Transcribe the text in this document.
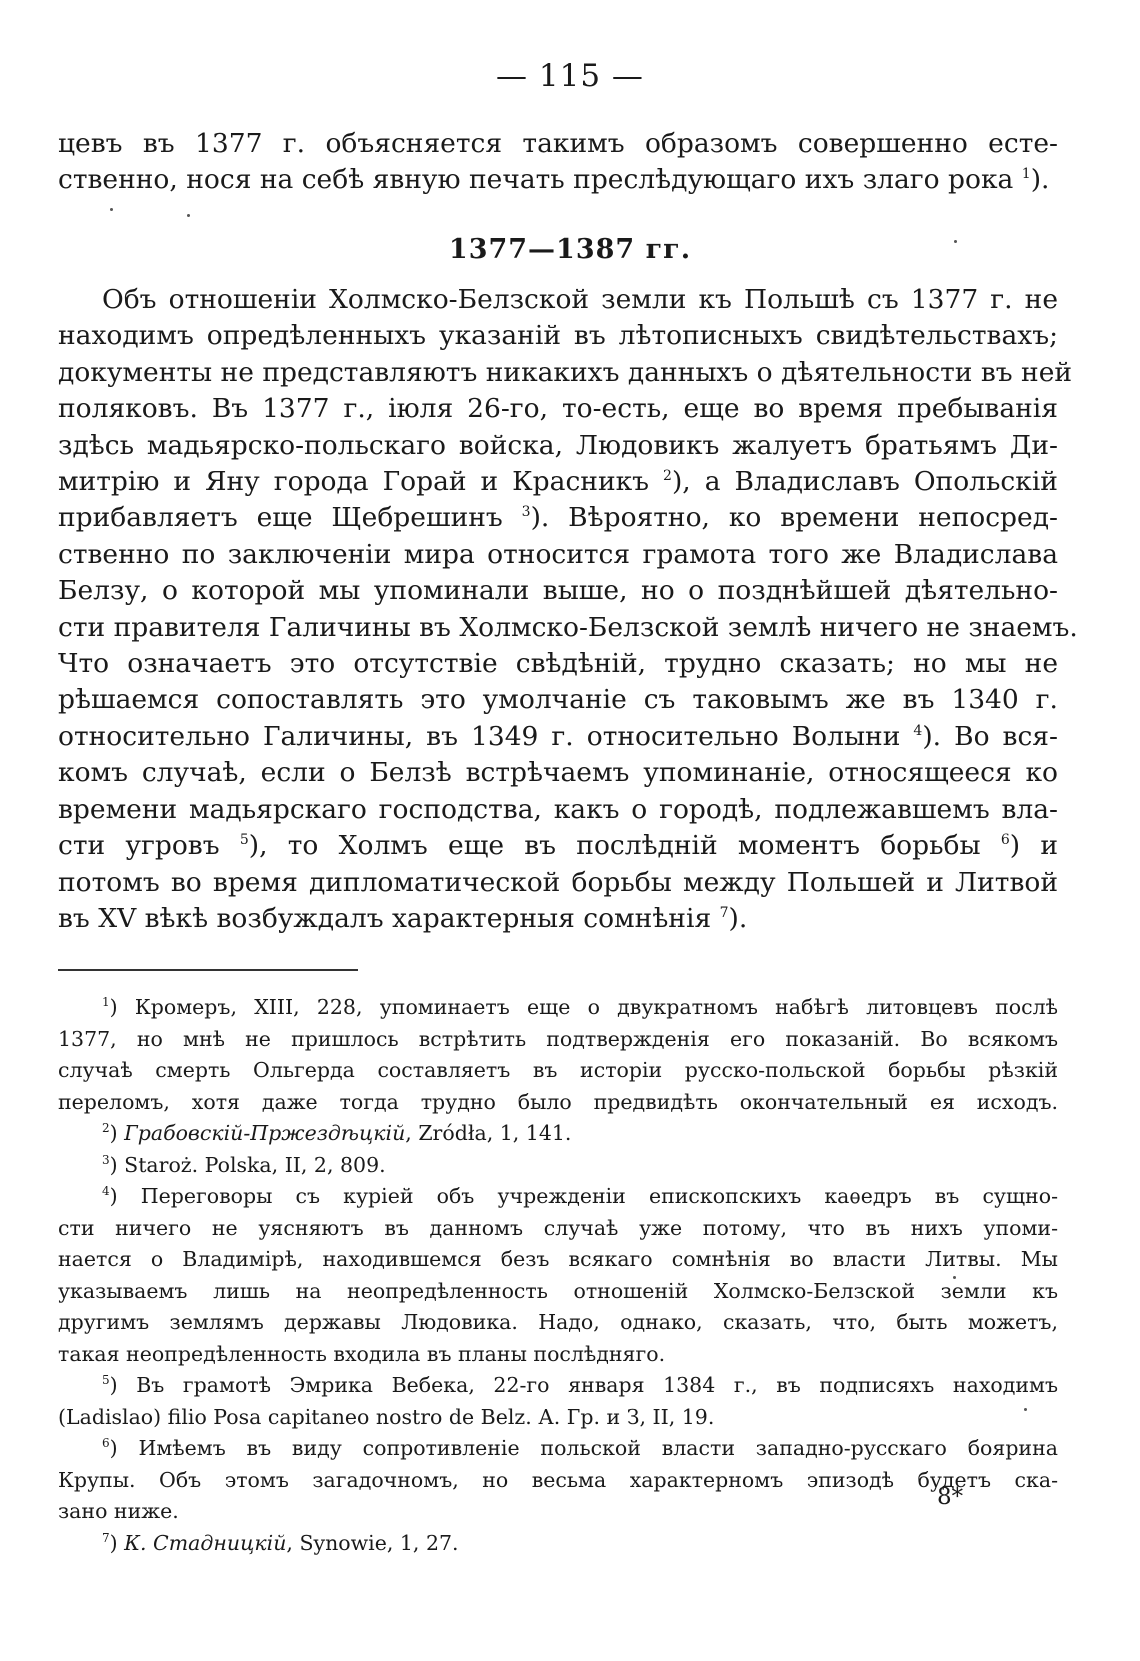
— 115 —
цевъ въ 1377 г. объясняется такимъ образомъ совершенно есте-
ственно, нося на себѣ явную печать преслѣдующаго ихъ злаго рока $^1$).
1377—1387 гг.
Объ отношеніи Холмско-Белзской земли къ Польшѣ съ 1377 г. не
находимъ опредѣленныхъ указаній въ лѣтописныхъ свидѣтельствахъ;
документы не представляютъ никакихъ данныхъ о дѣятельности въ ней
поляковъ. Въ 1377 г., іюля 26-го, то-есть, еще во время пребыванія
здѣсь мадьярско-польскаго войска, Людовикъ жалуетъ братьямъ Ди-
митрію и Яну города Горай и Красникъ $^2$), а Владиславъ Опольскій
прибавляетъ еще Щебрешинъ $^3$). Вѣроятно, ко времени непосред-
ственно по заключеніи мира относится грамота того же Владислава
Белзу, о которой мы упоминали выше, но о позднѣйшей дѣятельно-
сти правителя Галичины въ Холмско-Белзской землѣ ничего не знаемъ.
Что означаетъ это отсутствіе свѣдѣній, трудно сказать; но мы не
рѣшаемся сопоставлять это умолчаніе съ таковымъ же въ 1340 г.
относительно Галичины, въ 1349 г. относительно Волыни $^4$). Во вся-
комъ случаѣ, если о Белзѣ встрѣчаемъ упоминаніе, относящееся ко
времени мадьярскаго господства, какъ о городѣ, подлежавшемъ вла-
сти угровъ $^5$), то Холмъ еще въ послѣдній моментъ борьбы $^6$) и
потомъ во время дипломатической борьбы между Польшей и Литвой
въ XV вѣкѣ возбуждалъ характерныя сомнѣнія $^7$).
$^1$) Кромеръ, XIII, 228, упоминаетъ еще о двукратномъ набѣгѣ литовцевъ послѣ
1377, но мнѣ не пришлось встрѣтить подтвержденія его показаній. Во всякомъ
случаѣ смерть Ольгерда составляетъ въ исторіи русско-польской борьбы рѣзкій
переломъ, хотя даже тогда трудно было предвидѣть окончательный ея исходъ.
$^2$) Грабовскій-Пржездѣцкій, Zródła, 1, 141.
$^3$) Staroż. Polska, II, 2, 809.
$^4$) Переговоры съ куріей объ учрежденіи епископскихъ каѳедръ въ сущно-
сти ничего не уясняютъ въ данномъ случаѣ уже потому, что въ нихъ упоми-
нается о Владимірѣ, находившемся безъ всякаго сомнѣнія во власти Литвы. Мы
указываемъ лишь на неопредѣленность отношеній Холмско-Белзской земли къ
другимъ землямъ державы Людовика. Надо, однако, сказать, что, быть можетъ,
такая неопредѣленность входила въ планы послѣдняго.
$^5$) Въ грамотѣ Эмрика Вебека, 22-го января 1384 г., въ подписяхъ находимъ
(Ladislao) filio Posa capitaneo nostro de Belz. А. Гр. и З, II, 19.
$^6$) Имѣемъ въ виду сопротивленіе польской власти западно-русскаго боярина
Крупы. Объ этомъ загадочномъ, но весьма характерномъ эпизодѣ будетъ ска-
зано ниже.
$^7$) К. Стадницкій, Synowie, 1, 27.
8*
